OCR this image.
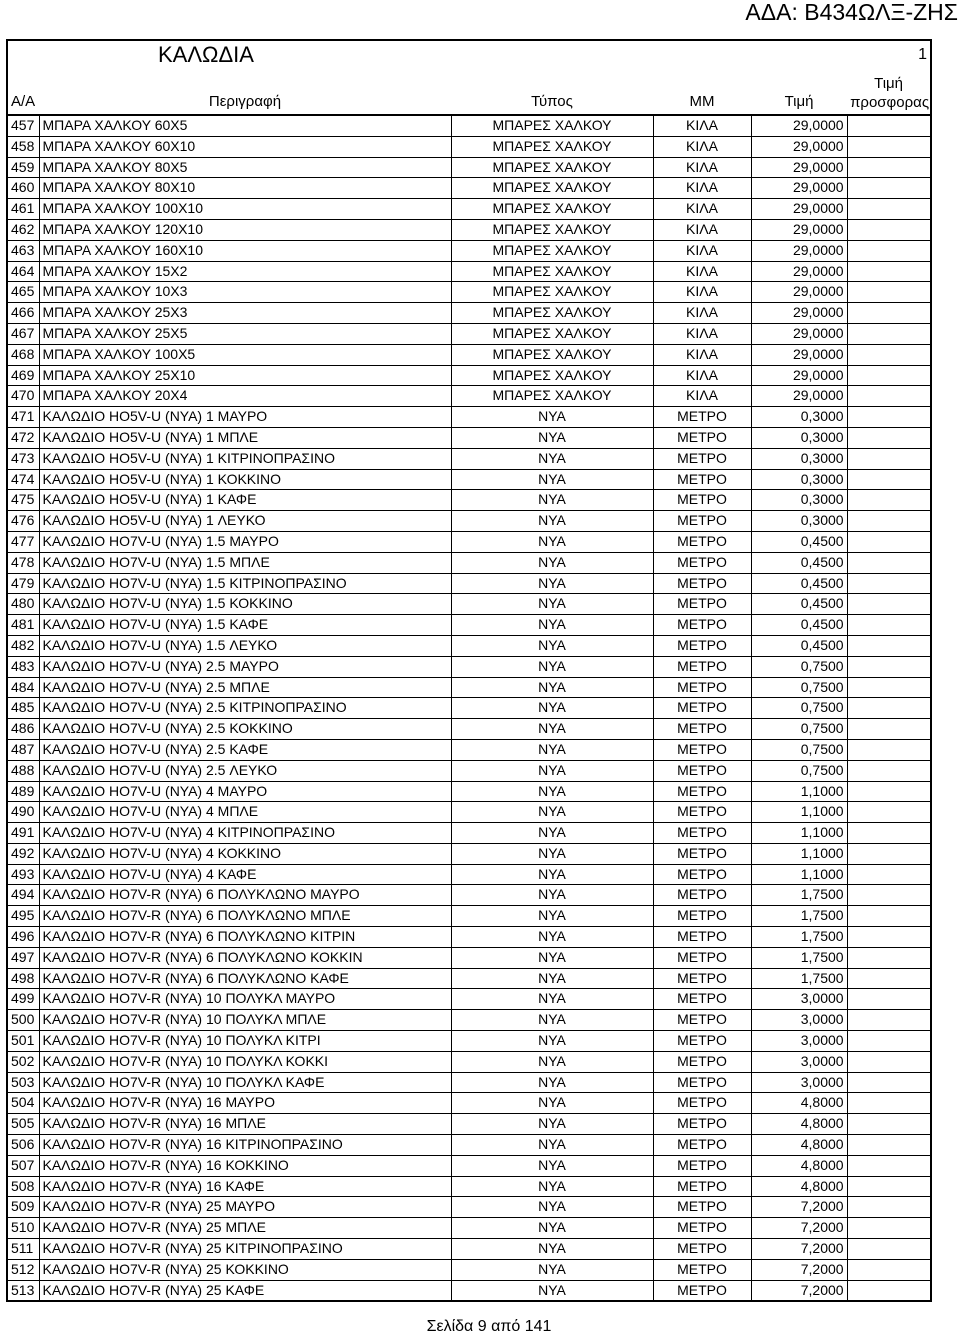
ΑΔΑ: Β434ΩΛΞ-ΖΗΣ
ΚΑΛΩΔΙΑ					1
Α/Α	Περιγραφή	Τύπος	ΜΜ	Τιμή	Τιμή
προσφορας
457	ΜΠΑΡΑ ΧΑΛΚΟΥ 60Χ5	ΜΠΑΡΕΣ ΧΑΛΚΟΥ	ΚΙΛΑ	29,0000	
458	ΜΠΑΡΑ ΧΑΛΚΟΥ 60Χ10	ΜΠΑΡΕΣ ΧΑΛΚΟΥ	ΚΙΛΑ	29,0000	
459	ΜΠΑΡΑ ΧΑΛΚΟΥ 80Χ5	ΜΠΑΡΕΣ ΧΑΛΚΟΥ	ΚΙΛΑ	29,0000	
460	ΜΠΑΡΑ ΧΑΛΚΟΥ 80Χ10	ΜΠΑΡΕΣ ΧΑΛΚΟΥ	ΚΙΛΑ	29,0000	
461	ΜΠΑΡΑ ΧΑΛΚΟΥ 100Χ10	ΜΠΑΡΕΣ ΧΑΛΚΟΥ	ΚΙΛΑ	29,0000	
462	ΜΠΑΡΑ ΧΑΛΚΟΥ 120Χ10	ΜΠΑΡΕΣ ΧΑΛΚΟΥ	ΚΙΛΑ	29,0000	
463	ΜΠΑΡΑ ΧΑΛΚΟΥ 160Χ10	ΜΠΑΡΕΣ ΧΑΛΚΟΥ	ΚΙΛΑ	29,0000	
464	ΜΠΑΡΑ ΧΑΛΚΟΥ 15Χ2	ΜΠΑΡΕΣ ΧΑΛΚΟΥ	ΚΙΛΑ	29,0000	
465	ΜΠΑΡΑ ΧΑΛΚΟΥ 10Χ3	ΜΠΑΡΕΣ ΧΑΛΚΟΥ	ΚΙΛΑ	29,0000	
466	ΜΠΑΡΑ ΧΑΛΚΟΥ 25Χ3	ΜΠΑΡΕΣ ΧΑΛΚΟΥ	ΚΙΛΑ	29,0000	
467	ΜΠΑΡΑ ΧΑΛΚΟΥ 25Χ5	ΜΠΑΡΕΣ ΧΑΛΚΟΥ	ΚΙΛΑ	29,0000	
468	ΜΠΑΡΑ ΧΑΛΚΟΥ 100Χ5	ΜΠΑΡΕΣ ΧΑΛΚΟΥ	ΚΙΛΑ	29,0000	
469	ΜΠΑΡΑ ΧΑΛΚΟΥ 25Χ10	ΜΠΑΡΕΣ ΧΑΛΚΟΥ	ΚΙΛΑ	29,0000	
470	ΜΠΑΡΑ ΧΑΛΚΟΥ 20Χ4	ΜΠΑΡΕΣ ΧΑΛΚΟΥ	ΚΙΛΑ	29,0000	
471	ΚΑΛΩΔΙΟ HO5V-U (NYA) 1 ΜΑΥΡΟ	NYA	ΜΕΤΡΟ	0,3000	
472	ΚΑΛΩΔΙΟ HO5V-U (NYA) 1 ΜΠΛΕ	NYA	ΜΕΤΡΟ	0,3000	
473	ΚΑΛΩΔΙΟ HO5V-U (NYA) 1 ΚΙΤΡΙΝΟΠΡΑΣΙΝΟ	NYA	ΜΕΤΡΟ	0,3000	
474	ΚΑΛΩΔΙΟ HO5V-U (NYA) 1 ΚΟΚΚΙΝΟ	NYA	ΜΕΤΡΟ	0,3000	
475	ΚΑΛΩΔΙΟ HO5V-U (NYA) 1 ΚΑΦΕ	NYA	ΜΕΤΡΟ	0,3000	
476	ΚΑΛΩΔΙΟ HO5V-U (NYA) 1 ΛΕΥΚΟ	NYA	ΜΕΤΡΟ	0,3000	
477	ΚΑΛΩΔΙΟ HO7V-U (NYA) 1.5 ΜΑΥΡΟ	NYA	ΜΕΤΡΟ	0,4500	
478	ΚΑΛΩΔΙΟ HO7V-U (NYA) 1.5 ΜΠΛΕ	NYA	ΜΕΤΡΟ	0,4500	
479	ΚΑΛΩΔΙΟ HO7V-U (NYA) 1.5 ΚΙΤΡΙΝΟΠΡΑΣΙΝΟ	NYA	ΜΕΤΡΟ	0,4500	
480	ΚΑΛΩΔΙΟ HO7V-U (NYA) 1.5 ΚΟΚΚΙΝΟ	NYA	ΜΕΤΡΟ	0,4500	
481	ΚΑΛΩΔΙΟ HO7V-U (NYA) 1.5 ΚΑΦΕ	NYA	ΜΕΤΡΟ	0,4500	
482	ΚΑΛΩΔΙΟ HO7V-U (NYA) 1.5 ΛΕΥΚΟ	NYA	ΜΕΤΡΟ	0,4500	
483	ΚΑΛΩΔΙΟ HO7V-U (NYA) 2.5 ΜΑΥΡΟ	NYA	ΜΕΤΡΟ	0,7500	
484	ΚΑΛΩΔΙΟ HO7V-U (NYA) 2.5 ΜΠΛΕ	NYA	ΜΕΤΡΟ	0,7500	
485	ΚΑΛΩΔΙΟ HO7V-U (NYA) 2.5 ΚΙΤΡΙΝΟΠΡΑΣΙΝΟ	NYA	ΜΕΤΡΟ	0,7500	
486	ΚΑΛΩΔΙΟ HO7V-U (NYA) 2.5 ΚΟΚΚΙΝΟ	NYA	ΜΕΤΡΟ	0,7500	
487	ΚΑΛΩΔΙΟ HO7V-U (NYA) 2.5 ΚΑΦΕ	NYA	ΜΕΤΡΟ	0,7500	
488	ΚΑΛΩΔΙΟ HO7V-U (NYA) 2.5 ΛΕΥΚΟ	NYA	ΜΕΤΡΟ	0,7500	
489	ΚΑΛΩΔΙΟ HO7V-U (NYA) 4 ΜΑΥΡΟ	NYA	ΜΕΤΡΟ	1,1000	
490	ΚΑΛΩΔΙΟ HO7V-U (NYA) 4 ΜΠΛΕ	NYA	ΜΕΤΡΟ	1,1000	
491	ΚΑΛΩΔΙΟ HO7V-U (NYA) 4 ΚΙΤΡΙΝΟΠΡΑΣΙΝΟ	NYA	ΜΕΤΡΟ	1,1000	
492	ΚΑΛΩΔΙΟ HO7V-U (NYA) 4 ΚΟΚΚΙΝΟ	NYA	ΜΕΤΡΟ	1,1000	
493	ΚΑΛΩΔΙΟ HO7V-U (NYA) 4 ΚΑΦΕ	NYA	ΜΕΤΡΟ	1,1000	
494	ΚΑΛΩΔΙΟ HO7V-R (NYA) 6 ΠΟΛΥΚΛΩΝΟ ΜΑΥΡΟ	NYA	ΜΕΤΡΟ	1,7500	
495	ΚΑΛΩΔΙΟ HO7V-R (NYA) 6 ΠΟΛΥΚΛΩΝΟ ΜΠΛΕ	NYA	ΜΕΤΡΟ	1,7500	
496	ΚΑΛΩΔΙΟ HO7V-R (NYA) 6 ΠΟΛΥΚΛΩΝΟ ΚΙΤΡΙΝ	NYA	ΜΕΤΡΟ	1,7500	
497	ΚΑΛΩΔΙΟ HO7V-R (NYA) 6 ΠΟΛΥΚΛΩΝΟ ΚΟΚΚΙΝ	NYA	ΜΕΤΡΟ	1,7500	
498	ΚΑΛΩΔΙΟ HO7V-R (NYA) 6 ΠΟΛΥΚΛΩΝΟ ΚΑΦΕ	NYA	ΜΕΤΡΟ	1,7500	
499	ΚΑΛΩΔΙΟ HO7V-R (NYA) 10 ΠΟΛΥΚΛ ΜΑΥΡΟ	NYA	ΜΕΤΡΟ	3,0000	
500	ΚΑΛΩΔΙΟ HO7V-R (NYA) 10 ΠΟΛΥΚΛ ΜΠΛΕ	NYA	ΜΕΤΡΟ	3,0000	
501	ΚΑΛΩΔΙΟ HO7V-R (NYA) 10 ΠΟΛΥΚΛ ΚΙΤΡΙ	NYA	ΜΕΤΡΟ	3,0000	
502	ΚΑΛΩΔΙΟ HO7V-R (NYA) 10 ΠΟΛΥΚΛ ΚΟΚΚΙ	NYA	ΜΕΤΡΟ	3,0000	
503	ΚΑΛΩΔΙΟ HO7V-R (NYA) 10 ΠΟΛΥΚΛ ΚΑΦΕ	NYA	ΜΕΤΡΟ	3,0000	
504	ΚΑΛΩΔΙΟ HO7V-R (NYA) 16 ΜΑΥΡΟ	NYA	ΜΕΤΡΟ	4,8000	
505	ΚΑΛΩΔΙΟ HO7V-R (NYA) 16 ΜΠΛΕ	NYA	ΜΕΤΡΟ	4,8000	
506	ΚΑΛΩΔΙΟ HO7V-R (NYA) 16 ΚΙΤΡΙΝΟΠΡΑΣΙΝΟ	NYA	ΜΕΤΡΟ	4,8000	
507	ΚΑΛΩΔΙΟ HO7V-R (NYA) 16 ΚΟΚΚΙΝΟ	NYA	ΜΕΤΡΟ	4,8000	
508	ΚΑΛΩΔΙΟ HO7V-R (NYA) 16 ΚΑΦΕ	NYA	ΜΕΤΡΟ	4,8000	
509	ΚΑΛΩΔΙΟ HO7V-R (NYA) 25 ΜΑΥΡΟ	NYA	ΜΕΤΡΟ	7,2000	
510	ΚΑΛΩΔΙΟ HO7V-R (NYA) 25 ΜΠΛΕ	NYA	ΜΕΤΡΟ	7,2000	
511	ΚΑΛΩΔΙΟ HO7V-R (NYA) 25 ΚΙΤΡΙΝΟΠΡΑΣΙΝΟ	NYA	ΜΕΤΡΟ	7,2000	
512	ΚΑΛΩΔΙΟ HO7V-R (NYA) 25 ΚΟΚΚΙΝΟ	NYA	ΜΕΤΡΟ	7,2000	
513	ΚΑΛΩΔΙΟ HO7V-R (NYA) 25 ΚΑΦΕ	NYA	ΜΕΤΡΟ	7,2000	
Σελίδα 9 από 141
